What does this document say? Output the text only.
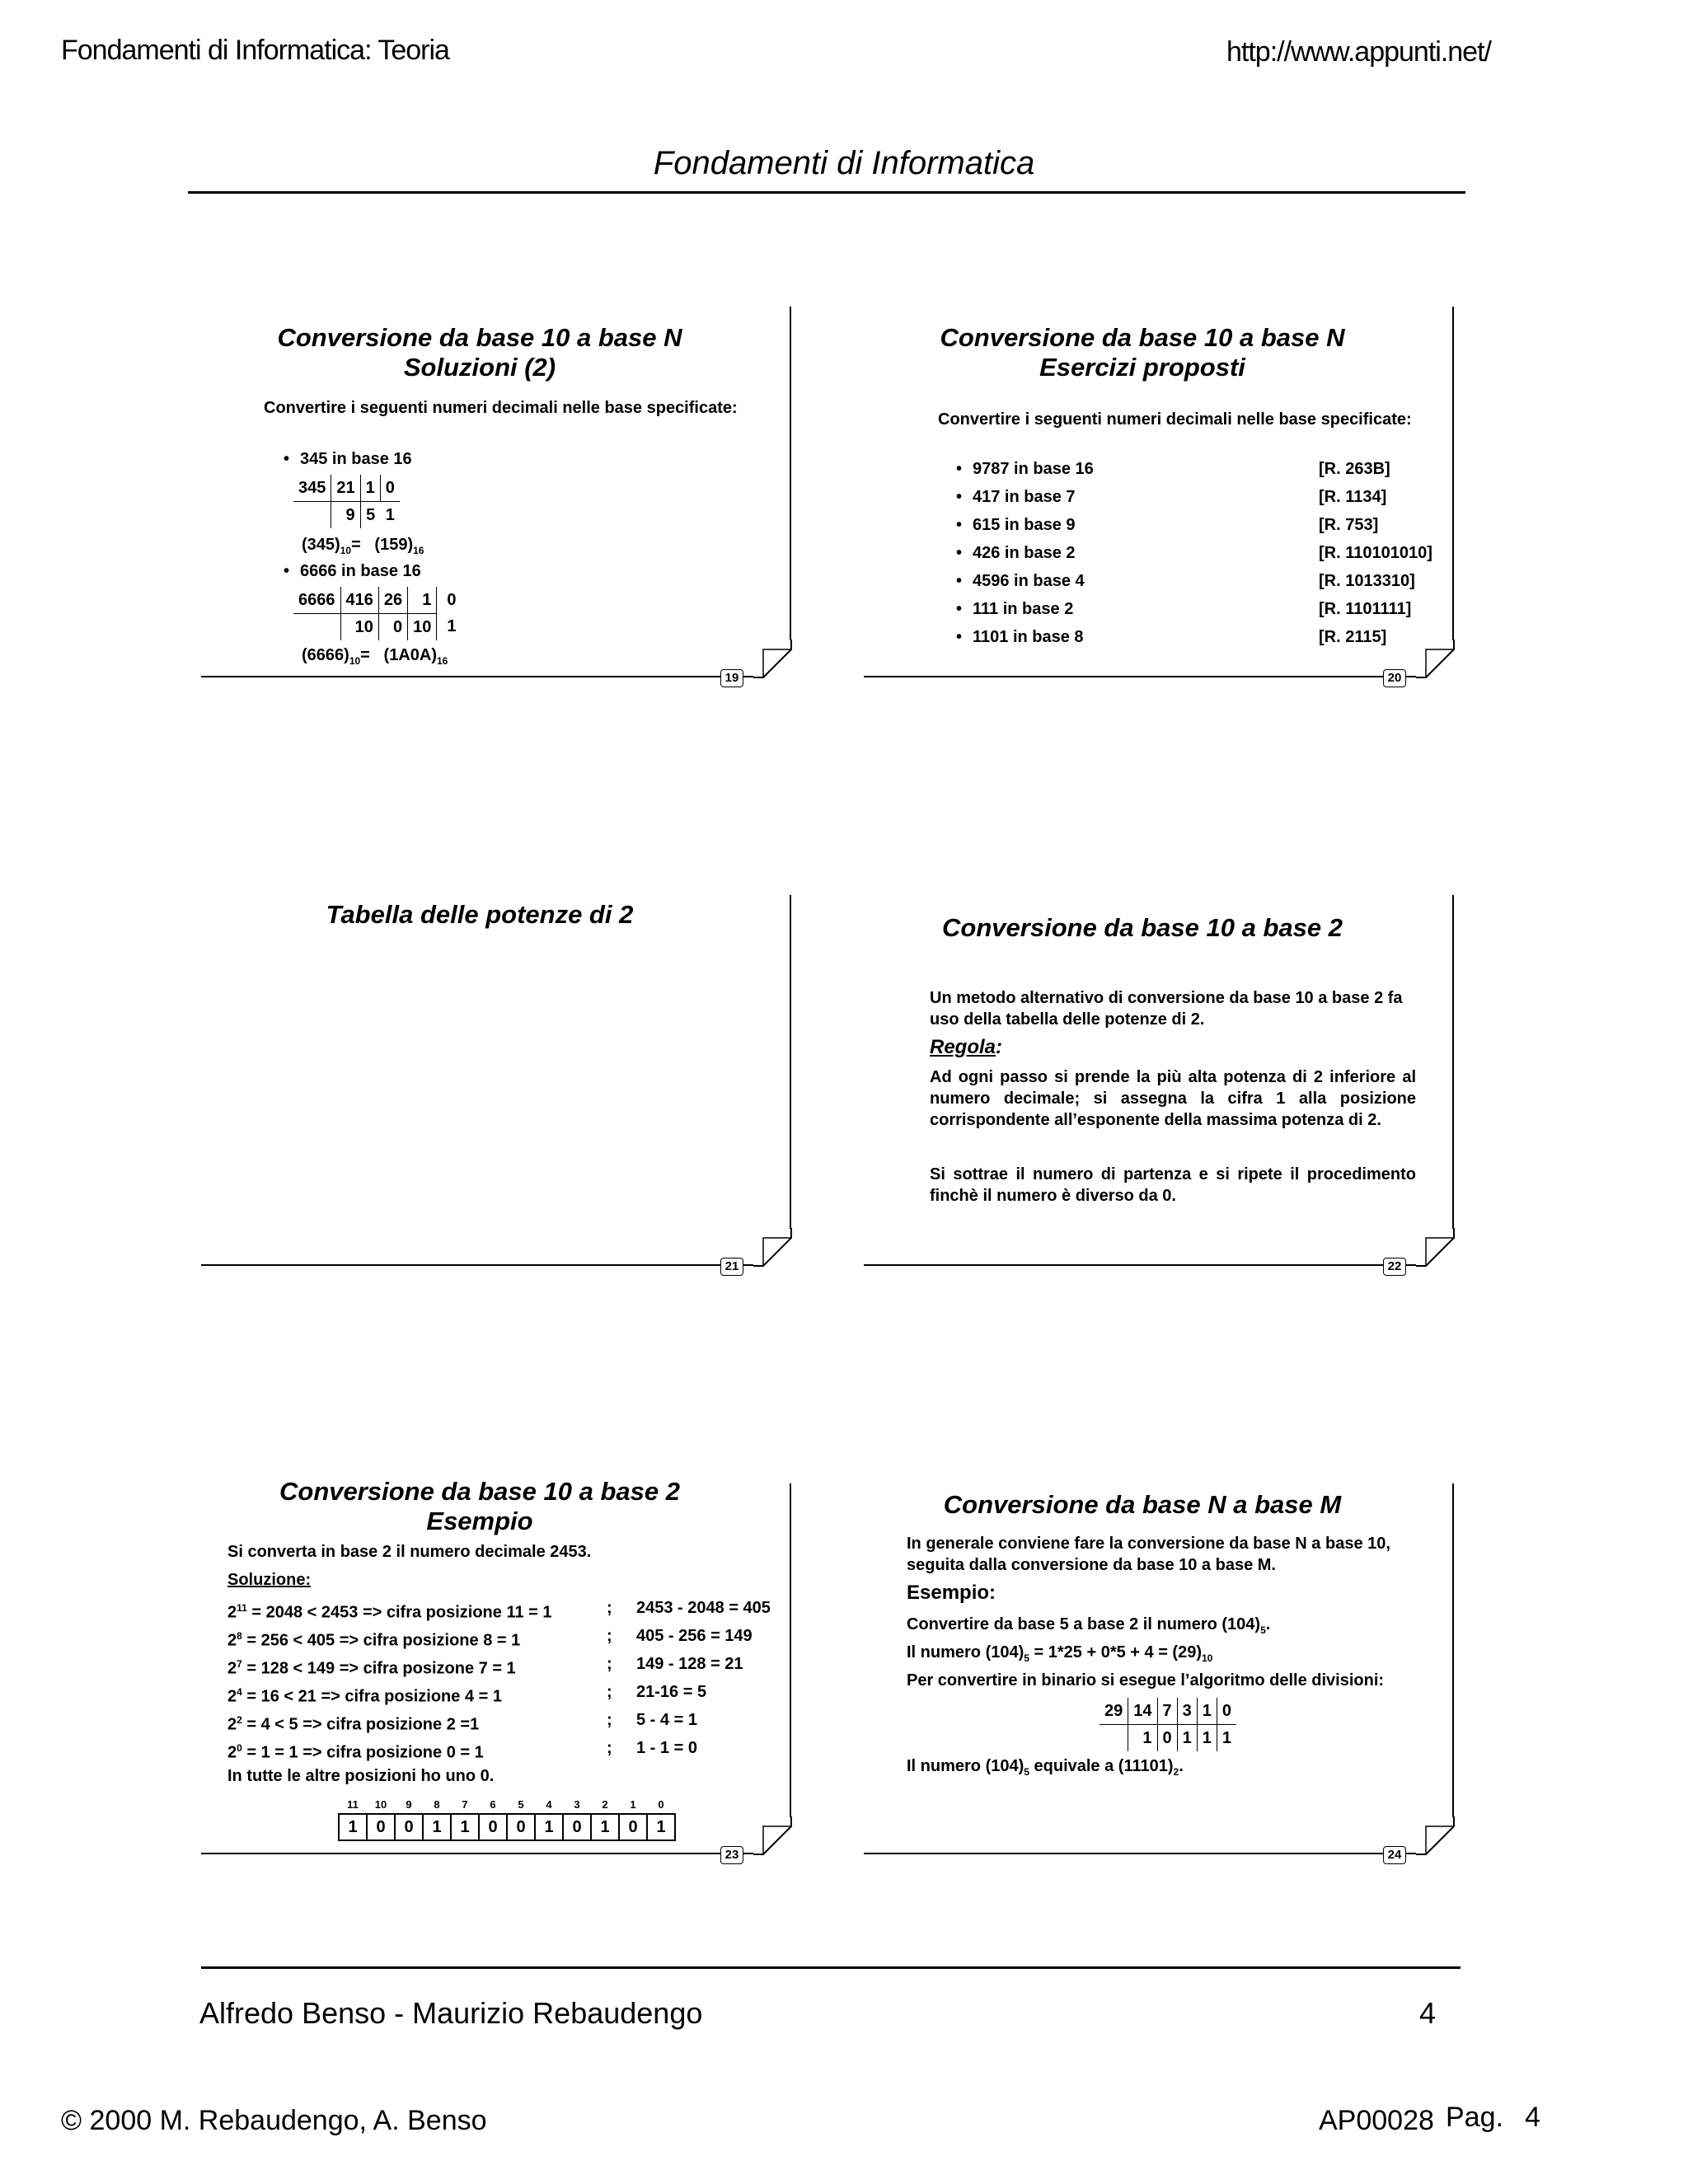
Fondamenti di Informatica: Teoria	http://www.appunti.net/
Fondamenti di Informatica
19
Conversione da base 10 a base N
Soluzioni (2)
Convertire i seguenti numeri decimali nelle base specificate:
• 345 in base 16
345	21	1	0
	9	5	1
$(345)_{10}= (159)_{16}$
• 6666 in base 16
6666	416	26	1	0
	10	0	10	1
$(6666)_{10}= (1A0A)_{16}$
20
Conversione da base 10 a base N
Esercizi proposti
Convertire i seguenti numeri decimali nelle base specificate:
• 9787 in base 16	[R. 263B]
• 417 in base 7	[R. 1134]
• 615 in base 9	[R. 753]
• 426 in base 2	[R. 110101010]
• 4596 in base 4	[R. 1013310]
• 111 in base 2	[R. 1101111]
• 1101 in base 8	[R. 2115]
21
Tabella delle potenze di 2
22
Conversione da base 10 a base 2
Un metodo alternativo di conversione da base 10 a base 2 fa uso della tabella delle potenze di 2.
Regola:
Ad ogni passo si prende la più alta potenza di 2 inferiore al numero decimale; si assegna la cifra 1 alla posizione corrispondente all’esponente della massima potenza di 2.
Si sottrae il numero di partenza e si ripete il procedimento finchè il numero è diverso da 0.
23
Conversione da base 10 a base 2
Esempio
Si converta in base 2 il numero decimale 2453.
Soluzione:
$2^{11} = 2048 < 2453$ => cifra posizione 11 = 1	; 2453 - 2048 = 405
$2^8 = 256 < 405$ => cifra posizione 8 = 1	; 405 - 256 = 149
$2^7 = 128 < 149$ => cifra posizone 7 = 1	; 149 - 128 = 21
$2^4 = 16 < 21$ => cifra posizione 4 = 1	; 21-16 = 5
$2^2 = 4 < 5$ => cifra posizione 2 =1	; 5 - 4 = 1
$2^0 = 1 = 1$ => cifra posizione 0 = 1	; 1 - 1 = 0
In tutte le altre posizioni ho uno 0.
11	10	9	8	7	6	5	4	3	2	1	0
1	0	0	1	1	0	0	1	0	1	0	1
24
Conversione da base N a base M
In generale conviene fare la conversione da base N a base 10, seguita dalla conversione da base 10 a base M.
Esempio:
Convertire da base 5 a base 2 il numero $(104)_5$.
Il numero $(104)_5 = 1*25 + 0*5 + 4 = (29)_{10}$
Per convertire in binario si esegue l’algoritmo delle divisioni:
29	14	7	3	1	0
	1	0	1	1	1
Il numero $(104)_5$ equivale a $(11101)_2$.
Alfredo Benso - Maurizio Rebaudengo	4
© 2000 M. Rebaudengo, A. Benso	AP00028 Pag. 4
